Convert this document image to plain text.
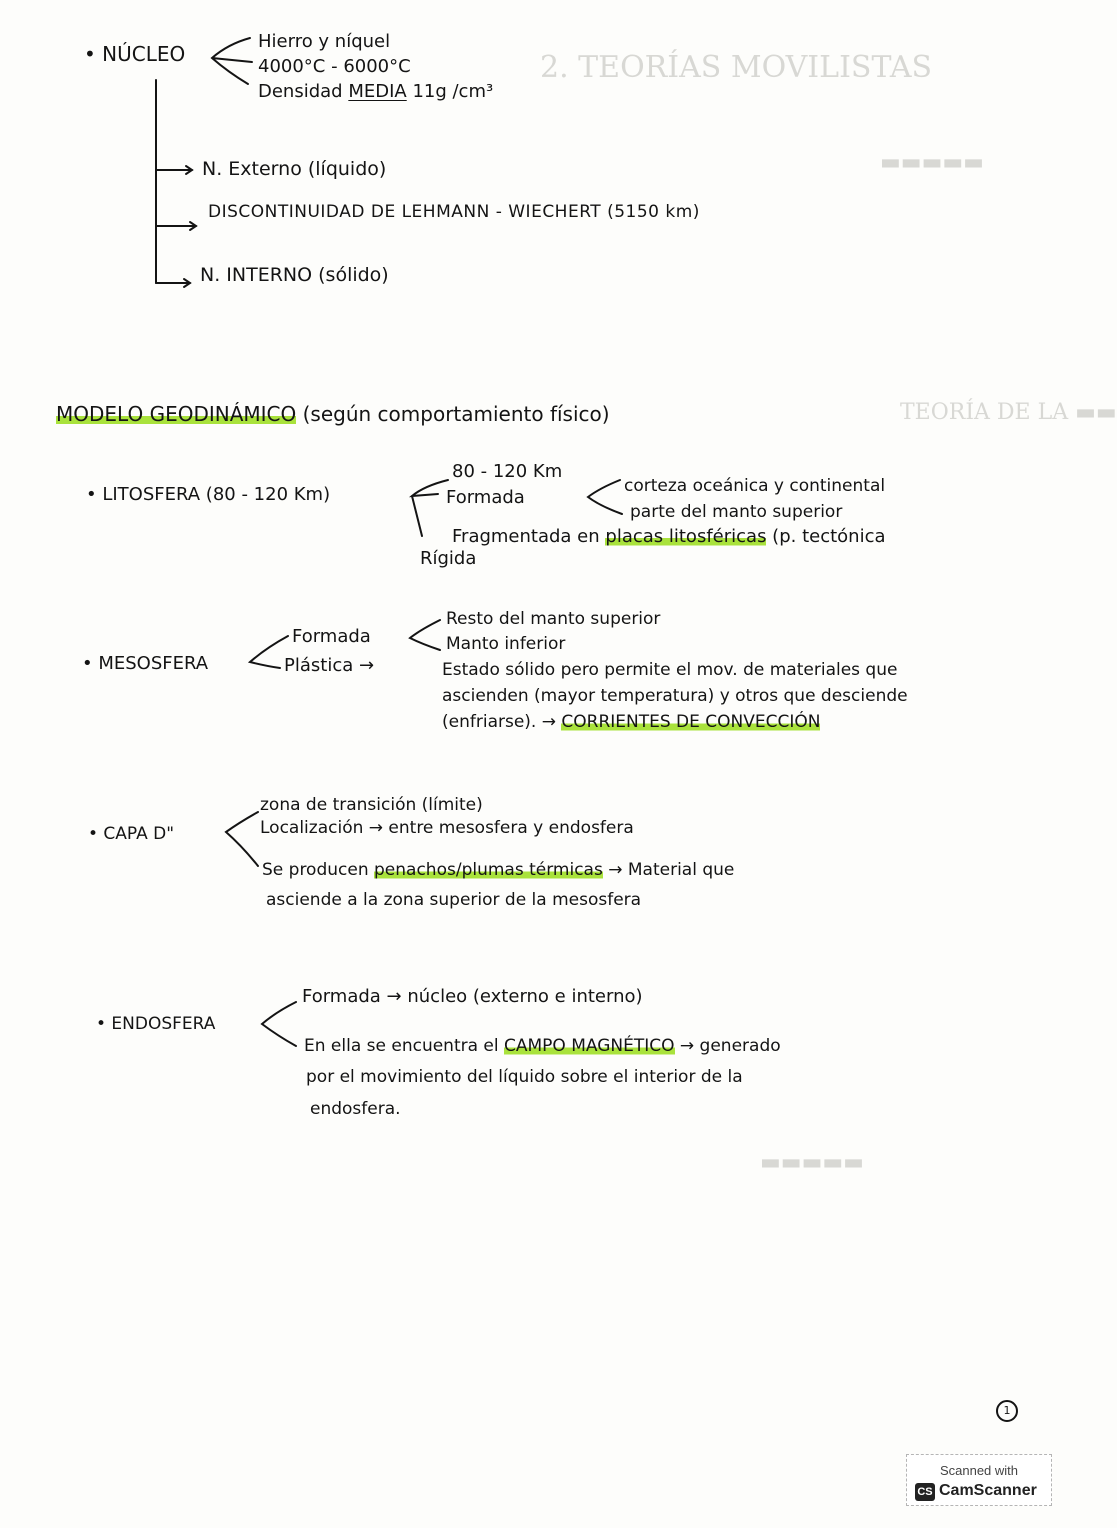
2. TEORÍAS MOVILISTAS
▬▬▬▬▬
TEORÍA DE LA ▬▬
▬▬▬▬▬
• NÚCLEO
Hierro y níquel
4000°C - 6000°C
Densidad MEDIA 11g /cm³
N. Externo (líquido)
DISCONTINUIDAD DE LEHMANN - WIECHERT (5150 km)
N. INTERNO (sólido)
MODELO GEODINÁMICO (según comportamiento físico)
• LITOSFERA (80 - 120 Km)
80 - 120 Km
Formada
corteza oceánica y continental
parte del manto superior
Fragmentada en placas litosféricas (p. tectónica
Rígida
• MESOSFERA
Formada
Resto del manto superior
Manto inferior
Plástica →	Estado sólido pero permite el mov. de materiales que
ascienden (mayor temperatura) y otros que desciende
(enfriarse). → CORRIENTES DE CONVECCIÓN
• CAPA D"
zona de transición (límite)
Localización → entre mesosfera y endosfera
Se producen penachos/plumas térmicas → Material que
asciende a la zona superior de la mesosfera
• ENDOSFERA
Formada → núcleo (externo e interno)
En ella se encuentra el CAMPO MAGNÉTICO → generado
por el movimiento del líquido sobre el interior de la
endosfera.
1
Scanned with
CS CamScanner
